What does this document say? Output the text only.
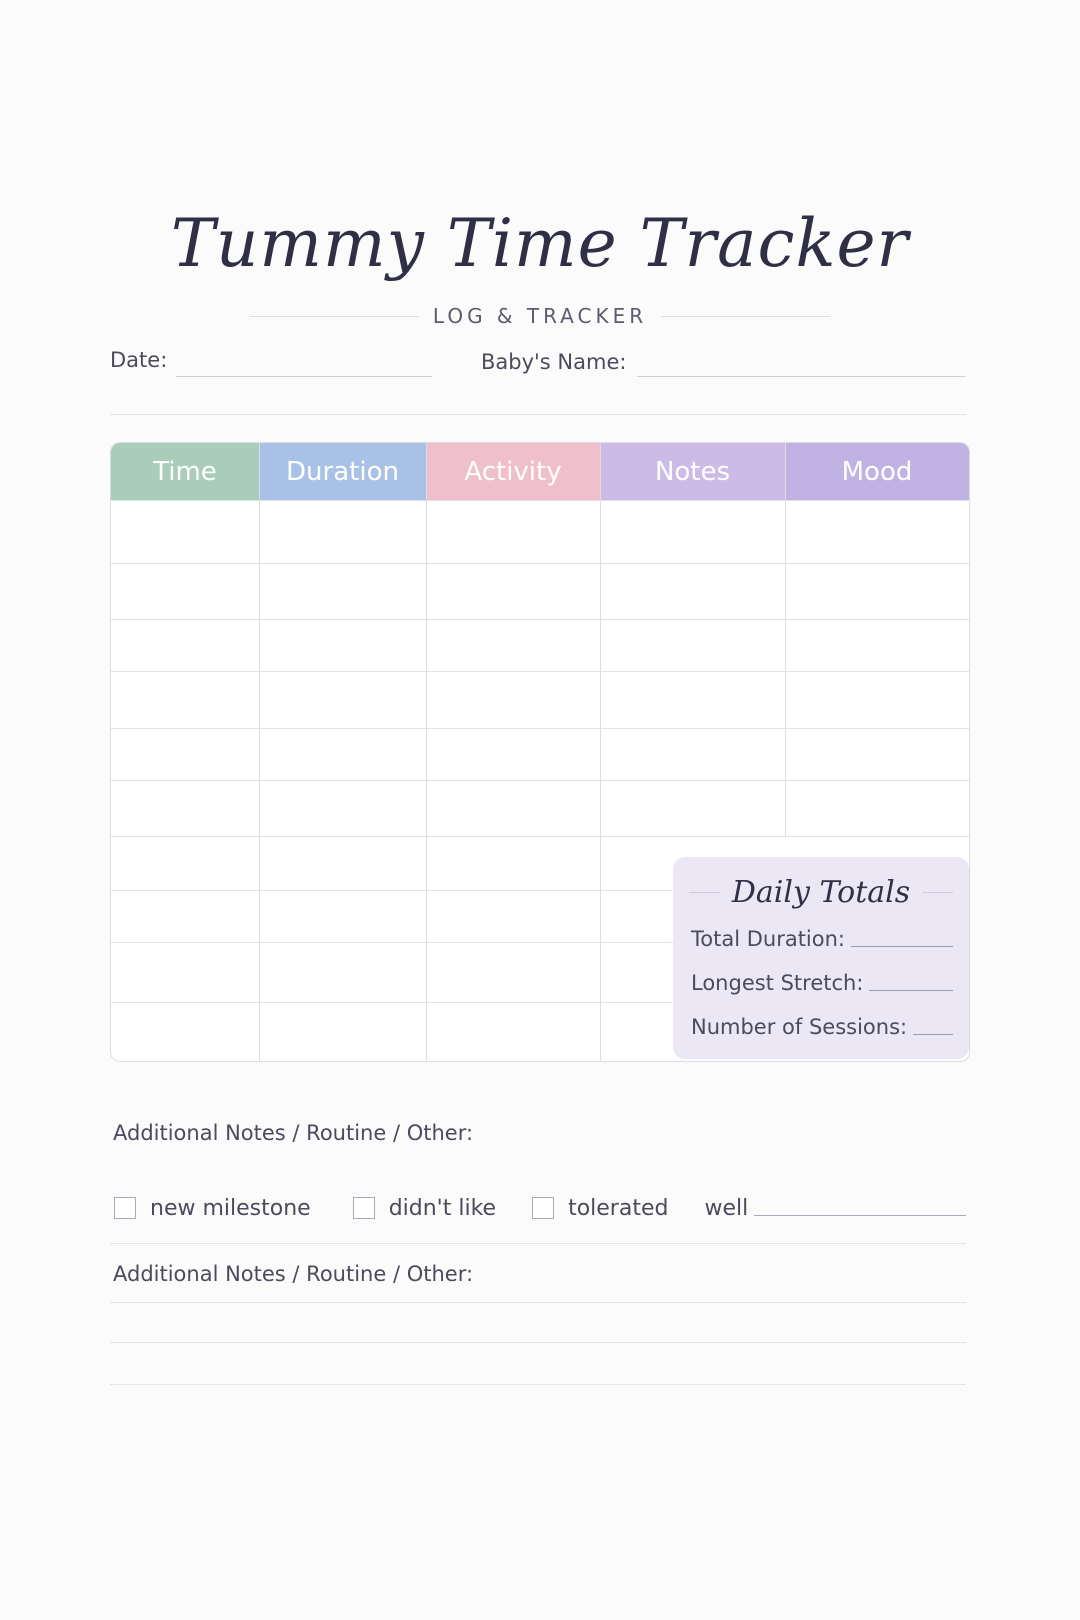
Tummy Time Tracker
LOG & TRACKER
Date:	Baby's Name:
Time	Duration	Activity	Notes	Mood
Daily Totals
Total Duration:
Longest Stretch:
Number of Sessions:
Additional Notes / Routine / Other:
new milestone	didn't like	tolerated well
Additional Notes / Routine / Other:
